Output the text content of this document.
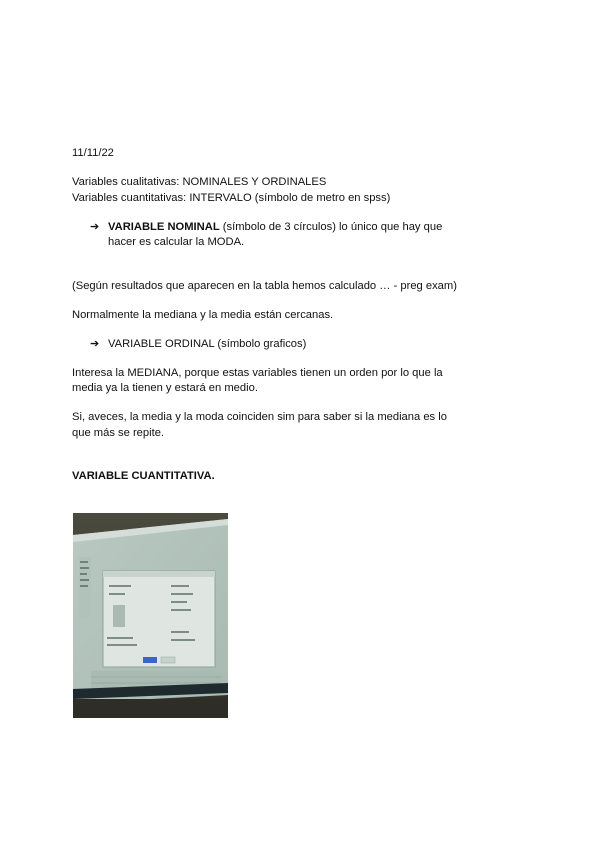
11/11/22
Variables cualitativas: NOMINALES Y ORDINALES
Variables cuantitativas: INTERVALO (símbolo de metro en spss)
➔ VARIABLE NOMINAL (símbolo de 3 círculos) lo único que hay que
hacer es calcular la MODA.
(Según resultados que aparecen en la tabla hemos calculado … - preg exam)
Normalmente la mediana y la media están cercanas.
➔ VARIABLE ORDINAL (símbolo graficos)
Interesa la MEDIANA, porque estas variables tienen un orden por lo que la
media ya la tienen y estará en medio.
Si, aveces, la media y la moda coinciden sim para saber si la mediana es lo
que más se repite.
VARIABLE CUANTITATIVA.
